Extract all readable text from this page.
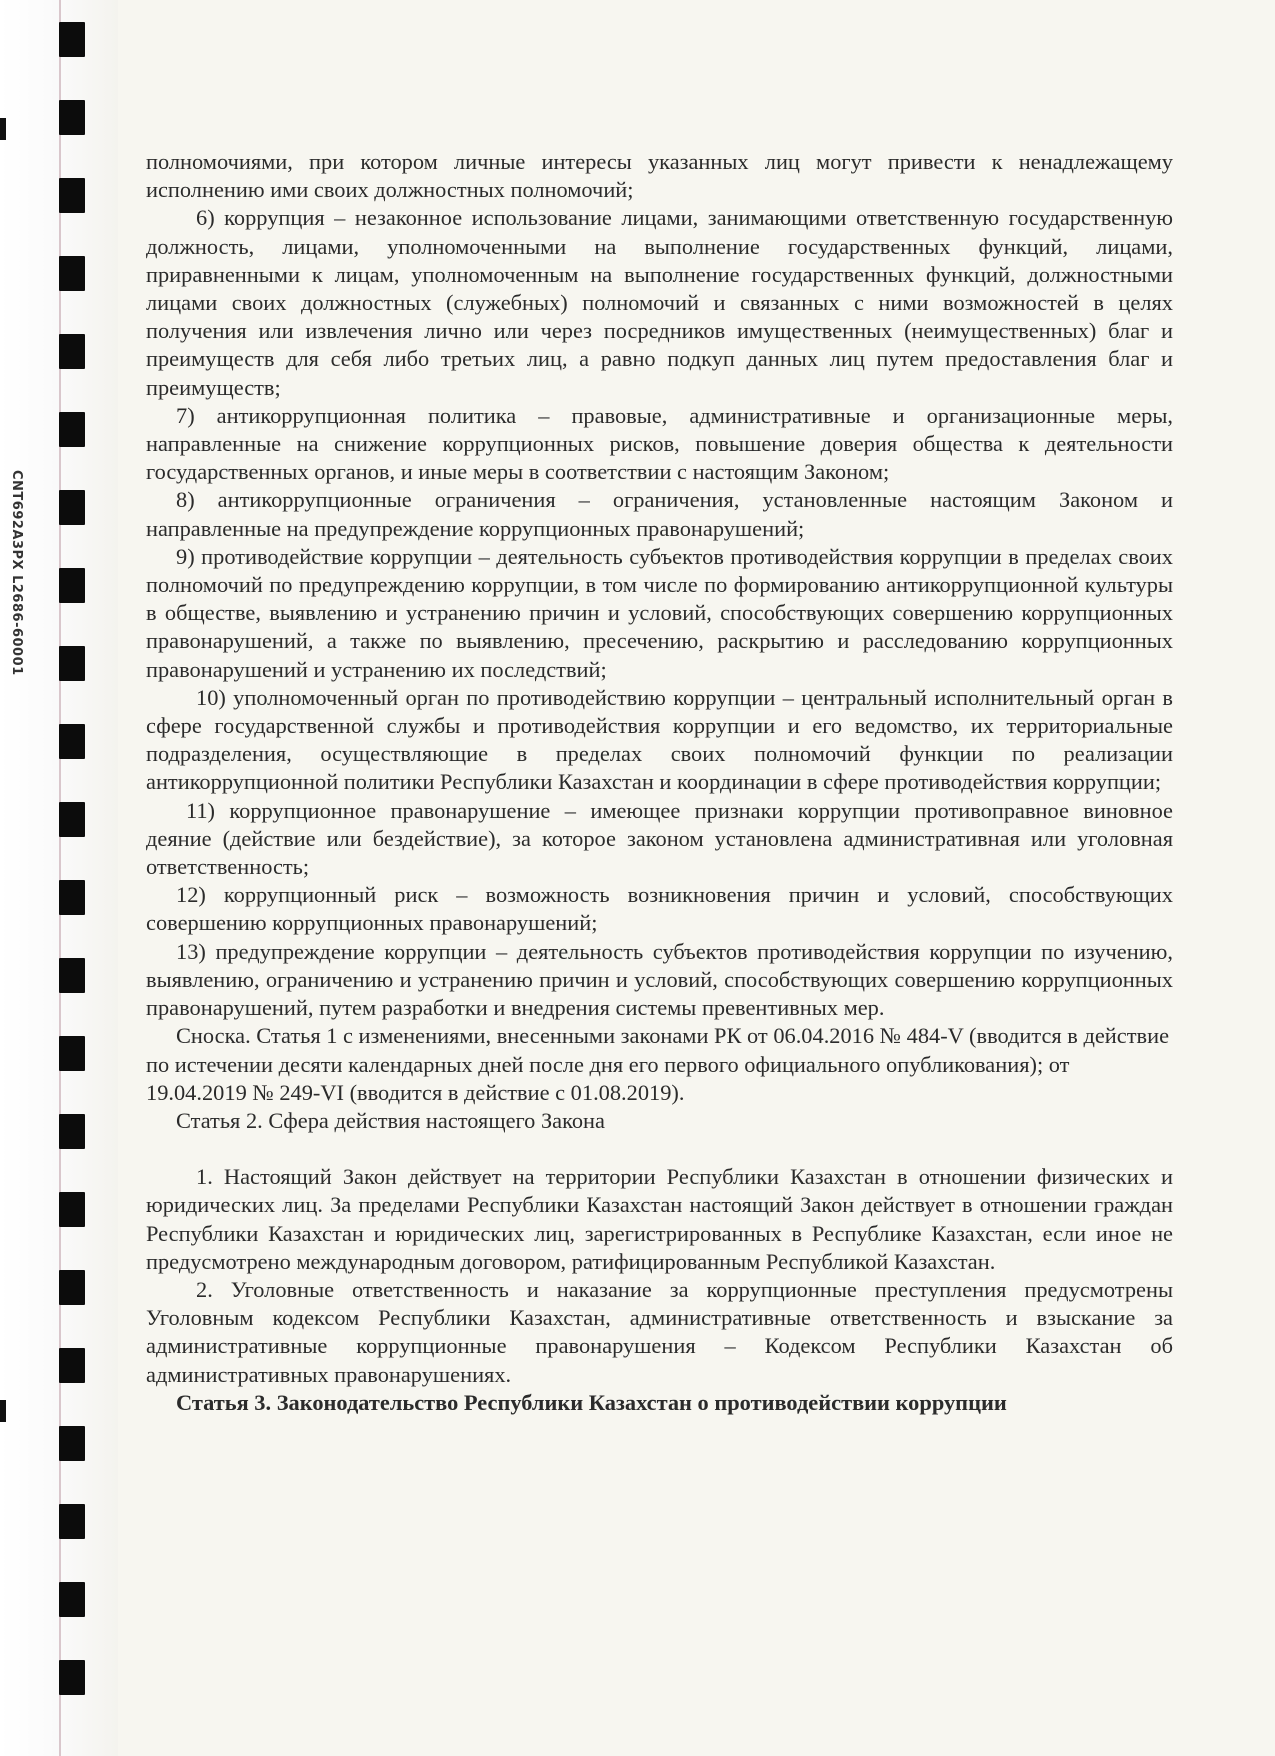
CNT692A3PX L2686-60001

полномочиями, при котором личные интересы указанных лиц могут привести к ненадлежащему исполнению ими своих должностных полномочий;

6) коррупция – незаконное использование лицами, занимающими ответственную государственную должность, лицами, уполномоченными на выполнение государственных функций, лицами, приравненными к лицам, уполномоченным на выполнение государственных функций, должностными лицами своих должностных (служебных) полномочий и связанных с ними возможностей в целях получения или извлечения лично или через посредников имущественных (неимущественных) благ и преимуществ для себя либо третьих лиц, а равно подкуп данных лиц путем предоставления благ и преимуществ;

7) антикоррупционная политика – правовые, административные и организационные меры, направленные на снижение коррупционных рисков, повышение доверия общества к деятельности государственных органов, и иные меры в соответствии с настоящим Законом;

8) антикоррупционные ограничения – ограничения, установленные настоящим Законом и направленные на предупреждение коррупционных правонарушений;

9) противодействие коррупции – деятельность субъектов противодействия коррупции в пределах своих полномочий по предупреждению коррупции, в том числе по формированию антикоррупционной культуры в обществе, выявлению и устранению причин и условий, способствующих совершению коррупционных правонарушений, а также по выявлению, пресечению, раскрытию и расследованию коррупционных правонарушений и устранению их последствий;

10) уполномоченный орган по противодействию коррупции – центральный исполнительный орган в сфере государственной службы и противодействия коррупции и его ведомство, их территориальные подразделения, осуществляющие в пределах своих полномочий функции по реализации антикоррупционной политики Республики Казахстан и координации в сфере противодействия коррупции;

11) коррупционное правонарушение – имеющее признаки коррупции противоправное виновное деяние (действие или бездействие), за которое законом установлена административная или уголовная ответственность;

12) коррупционный риск – возможность возникновения причин и условий, способствующих совершению коррупционных правонарушений;

13) предупреждение коррупции – деятельность субъектов противодействия коррупции по изучению, выявлению, ограничению и устранению причин и условий, способствующих совершению коррупционных правонарушений, путем разработки и внедрения системы превентивных мер.

Сноска. Статья 1 с изменениями, внесенными законами РК от 06.04.2016 № 484-V (вводится в действие по истечении десяти календарных дней после дня его первого официального опубликования); от 19.04.2019 № 249-VI (вводится в действие с 01.08.2019).

Статья 2. Сфера действия настоящего Закона

1. Настоящий Закон действует на территории Республики Казахстан в отношении физических и юридических лиц. За пределами Республики Казахстан настоящий Закон действует в отношении граждан Республики Казахстан и юридических лиц, зарегистрированных в Республике Казахстан, если иное не предусмотрено международным договором, ратифицированным Республикой Казахстан.

2. Уголовные ответственность и наказание за коррупционные преступления предусмотрены Уголовным кодексом Республики Казахстан, административные ответственность и взыскание за административные коррупционные правонарушения – Кодексом Республики Казахстан об административных правонарушениях.

Статья 3. Законодательство Республики Казахстан о противодействии коррупции
